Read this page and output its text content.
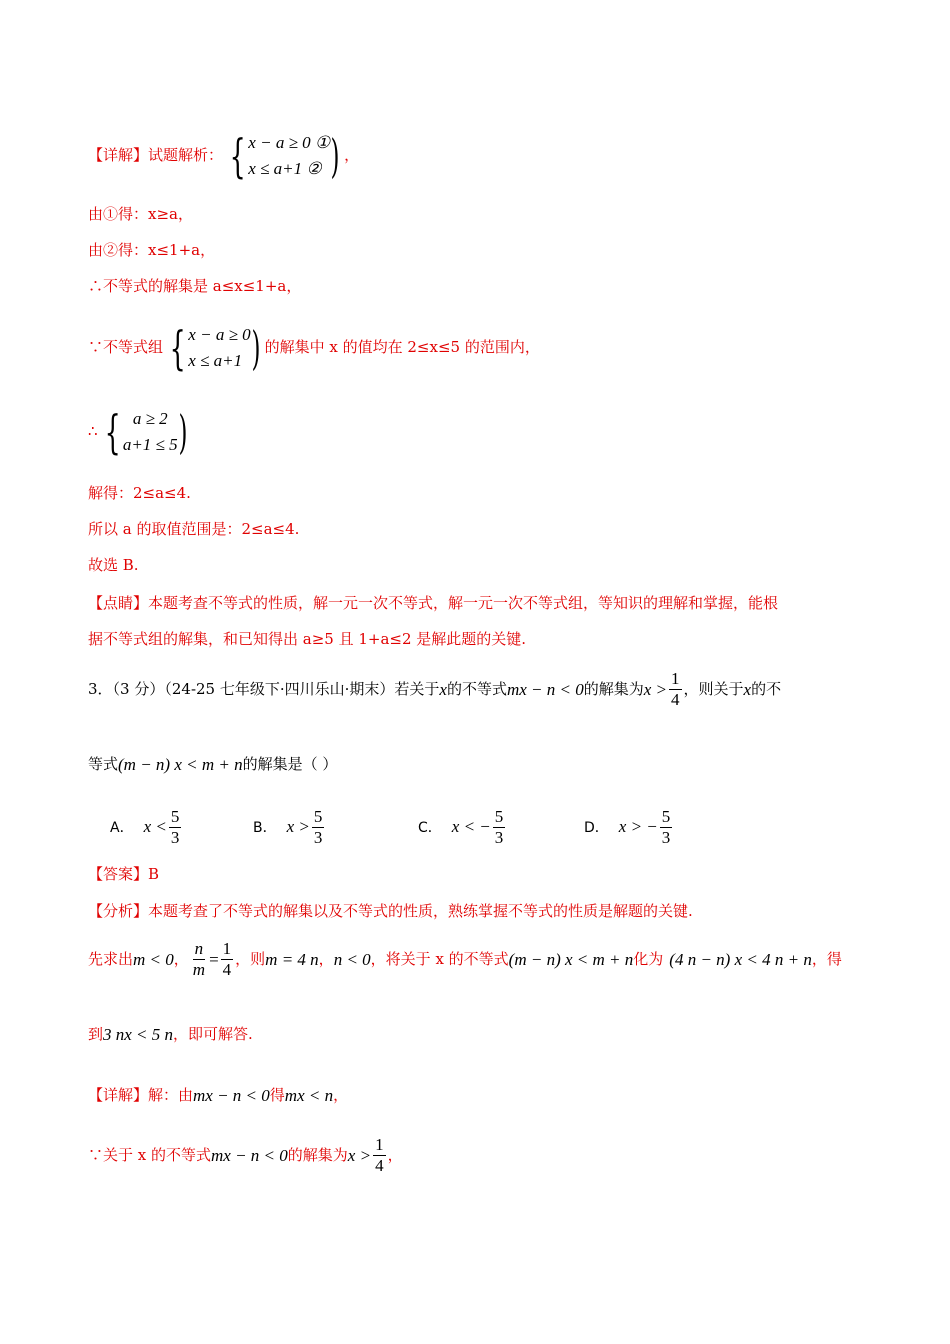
【详解】试题解析： { x − a ≥ 0 ①
x ≤ a+1 ② ) ，
由①得：x≥a，
由②得：x≤1+a，
∴不等式的解集是 a≤x≤1+a，
∵不等式组 { x − a ≥ 0
x ≤ a+1 ) 的解集中 x 的值均在 2≤x≤5 的范围内，
∴ { a ≥ 2
a+1 ≤ 5 )
解得：2≤a≤4.
所以 a 的取值范围是：2≤a≤4.
故选 B.
【点睛】本题考查不等式的性质，解一元一次不等式，解一元一次不等式组，等知识的理解和掌握，能根
据不等式组的解集，和已知得出 a≥5 且 1+a≤2 是解此题的关键.
3．（3 分）（24-25 七年级下·四川乐山·期末）若关于 x 的不等式 mx − n < 0 的解集为 $x > \frac{1}{4}$ ，则关于 x 的不
等式 (m − n) x < m + n 的解集是（ ）
A． $x < \frac{5}{3}$	B． $x > \frac{5}{3}$	C． x < − $\frac{5}{3}$	D． x > − $\frac{5}{3}$
【答案】B
【分析】本题考查了不等式的解集以及不等式的性质，熟练掌握不等式的性质是解题的关键.
先求出 m < 0 ， $\frac{n}{m} = \frac{1}{4}$ ，则 m = 4 n ， n < 0 ，将关于 x 的不等式 (m − n) x < m + n 化为 (4 n − n) x < 4 n + n ，得
到 3 nx < 5 n ，即可解答.
【详解】解：由 mx − n < 0 得 mx < n ，
∵关于 x 的不等式 mx − n < 0 的解集为 $x > \frac{1}{4}$ ，
